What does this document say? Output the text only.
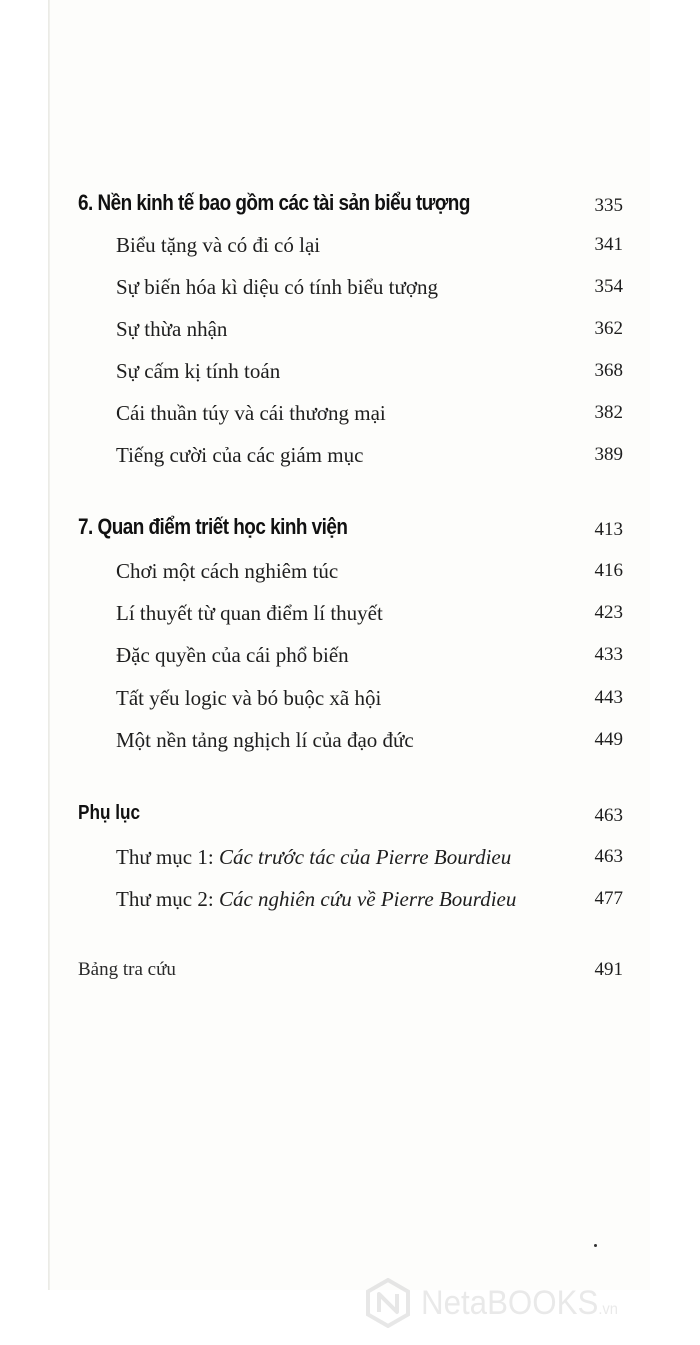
6. Nền kinh tế bao gồm các tài sản biểu tượng	335
Biểu tặng và có đi có lại	341
Sự biến hóa kì diệu có tính biểu tượng	354
Sự thừa nhận	362
Sự cấm kị tính toán	368
Cái thuần túy và cái thương mại	382
Tiếng cười của các giám mục	389
7. Quan điểm triết học kinh viện	413
Chơi một cách nghiêm túc	416
Lí thuyết từ quan điểm lí thuyết	423
Đặc quyền của cái phổ biến	433
Tất yếu logic và bó buộc xã hội	443
Một nền tảng nghịch lí của đạo đức	449
Phụ lục	463
Thư mục 1: Các trước tác của Pierre Bourdieu	463
Thư mục 2: Các nghiên cứu về Pierre Bourdieu	477
Bảng tra cứu	491
NetaBOOKS.vn
